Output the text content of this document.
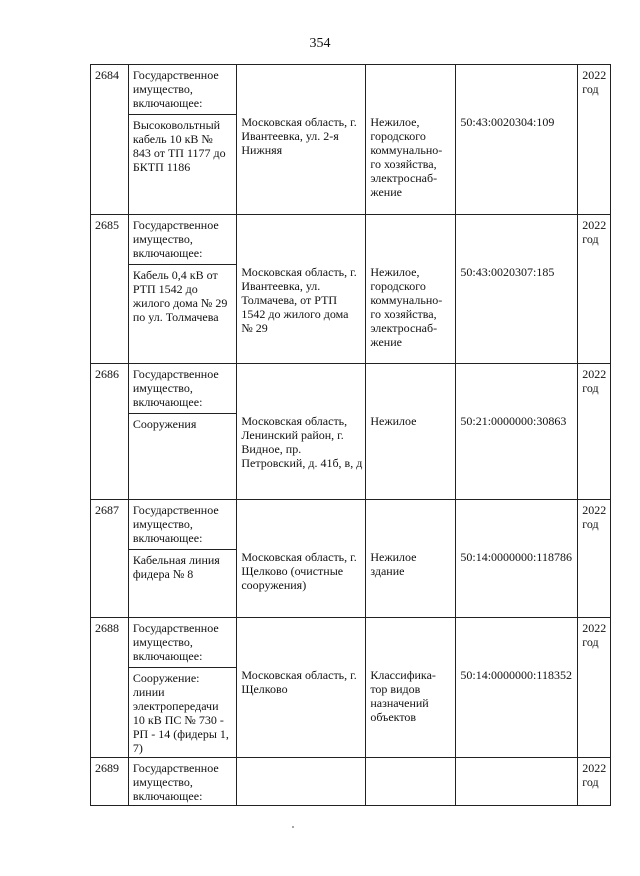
354
2684	Государственное имущество, включающее:	Московская область, г. Ивантеевка, ул. 2-я Нижняя	Нежилое, городского коммунально-го хозяйства, электроснаб-жение	50:43:0020304:109	2022 год
	Высоковольтный кабель 10 кВ № 843 от ТП 1177 до БКТП 1186				
2685	Государственное имущество, включающее:	Московская область, г. Ивантеевка, ул. Толмачева, от РТП 1542 до жилого дома № 29	Нежилое, городского коммунально-го хозяйства, электроснаб-жение	50:43:0020307:185	2022 год
	Кабель 0,4 кВ от РТП 1542 до жилого дома № 29 по ул. Толмачева				
2686	Государственное имущество, включающее:	Московская область, Ленинский район, г. Видное, пр. Петровский, д. 41б, в, д	Нежилое	50:21:0000000:30863	2022 год
	Сооружения				
2687	Государственное имущество, включающее:	Московская область, г. Щелково (очистные сооружения)	Нежилое здание	50:14:0000000:118786	2022 год
	Кабельная линия фидера № 8				
2688	Государственное имущество, включающее:	Московская область, г. Щелково	Классифика-тор видов назначений объектов	50:14:0000000:118352	2022 год
	Сооружение: линии электропередачи 10 кВ ПС № 730 - РП - 14 (фидеры 1, 7)				
2689	Государственное имущество, включающее:				2022 год
